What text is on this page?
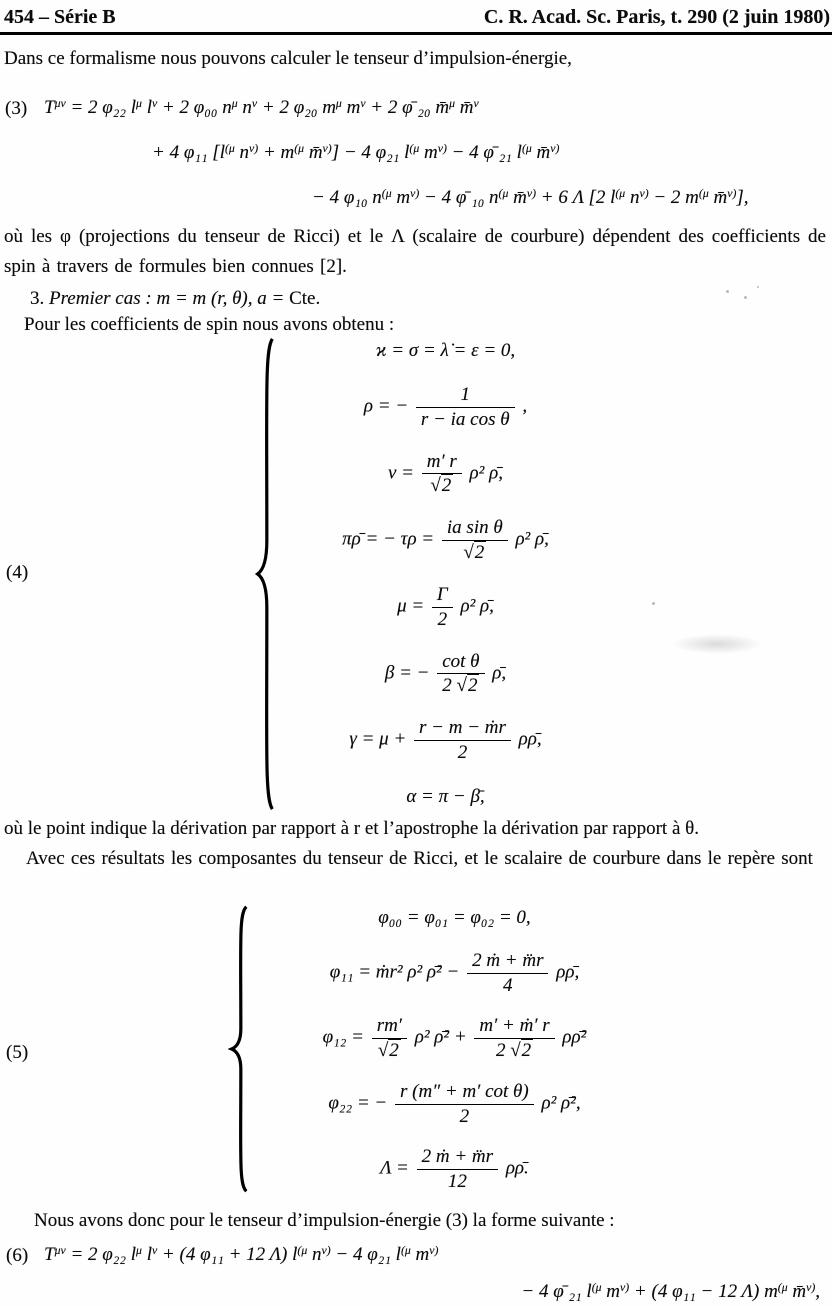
454 – Série B	C. R. Acad. Sc. Paris, t. 290 (2 juin 1980)

Dans ce formalisme nous pouvons calculer le tenseur d’impulsion-énergie,

(3) $T^{\mu\nu} = 2$ φ₂₂ $l^\mu$ $l^\nu + 2$ φ₀₀ $n^\mu$ $n^\nu + 2$ φ₂₀ $m^\mu$ $m^\nu + 2$ φ̄ ₂₀ m̄$^\mu$ m̄$^\nu$
+ 4 φ₁₁ [$l^{(\mu}$ $n^{\nu)} + m^{(\mu}$ m̄$^{\nu)}$] − 4 φ₂₁ $l^{(\mu}$ $m^{\nu)} - 4$ φ̄ ₂₁ $l^{(\mu}$ m̄$^{\nu)}$
− 4 φ₁₀ $n^{(\mu}$ $m^{\nu)} - 4$ φ̄ ₁₀ $n^{(\mu}$ m̄$^{\nu)}$ + 6 Λ [2 $l^{(\mu}$ $n^{\nu)} - 2$ $m^{(\mu}$ m̄$^{\nu)}$],

où les φ (projections du tenseur de Ricci) et le Λ (scalaire de courbure) dépendent des coefficients de spin à travers de formules bien connues [2].

3. Premier cas : m = m (r, θ), a = Cte.

Pour les coefficients de spin nous avons obtenu :

(4)
ϰ = σ = λ̇ = ε = 0,
ρ = − $\frac{1}{\text{r − ia cos θ}}$ ,
$\nu = \frac{m' r}{√2} \rho^2$ ρ̄,
πρ̄ = − $\tau\rho = \frac{\text{ia sin θ}}{√2} \rho^2$ ρ̄,
$\mu = \frac{\Gamma}{2} \rho^2$ ρ̄,
β = − $\frac{\text{cot θ}}{2 √2}$ ρ̄,
$\gamma = \mu + \frac{\text{r − m − ṁr}}{2}$ ρρ̄,
α = π − β̄,

où le point indique la dérivation par rapport à r et l’apostrophe la dérivation par rapport à θ.

Avec ces résultats les composantes du tenseur de Ricci, et le scalaire de courbure dans le repère sont

(5)
φ₀₀ = φ₀₁ = φ₀₂ = 0,
φ₁₁ = ṁr² ρ² ρ̄² − $\frac{\text{2 ṁ + m̈r}}{4}$ ρρ̄,
$\varphi_{12} = \frac{rm'}{√2} \rho^2$ ρ̄² + $\frac{\text{m′ + ṁ′ r}}{2 √2}$ ρρ̄²
φ₂₂ = − $\frac{\text{r (m″ + m′ cot θ)}}{2} \rho^2$ ρ̄²,
$\Lambda = \frac{\text{2 ṁ + m̈r}}{12}$ ρρ̄.

Nous avons donc pour le tenseur d’impulsion-énergie (3) la forme suivante :

(6) $T^{\mu\nu} = 2$ φ₂₂ $l^\mu$ $l^\nu + (4$ φ₁₁ + 12 Λ) $l^{(\mu}$ $n^{\nu)} - 4$ φ₂₁ $l^{(\mu}$ $m^{\nu)}$
− 4 φ̄ ₂₁ $l^{(\mu}$ $m^{\nu)} + (4$ φ₁₁ − 12 Λ) $m^{(\mu}$ m̄$^{\nu)}$,
